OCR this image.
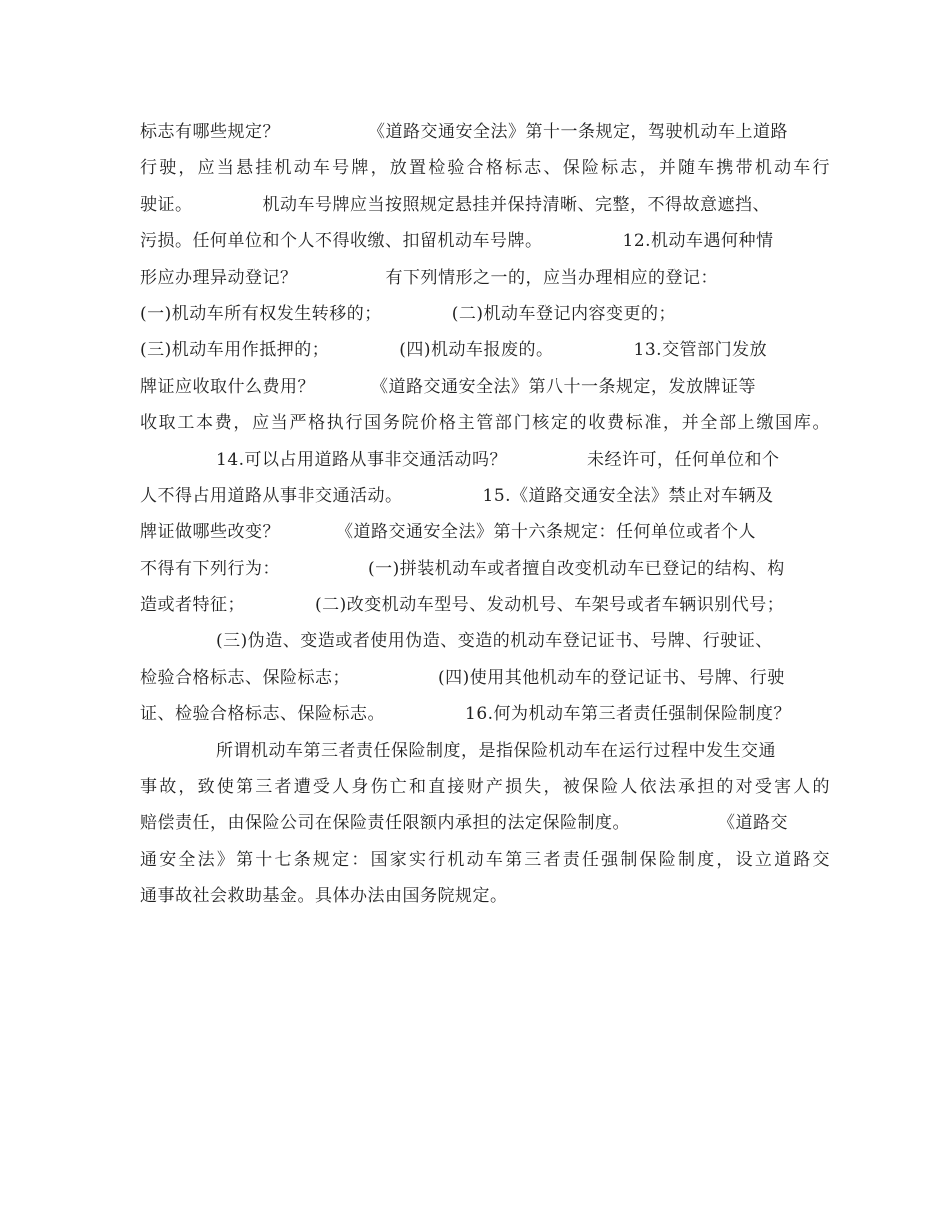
标志有哪些规定？	《道路交通安全法》第十一条规定，驾驶机动车上道路
行驶，应当悬挂机动车号牌，放置检验合格标志、保险标志，并随车携带机动车行
驶证。	机动车号牌应当按照规定悬挂并保持清晰、完整，不得故意遮挡、
污损。任何单位和个人不得收缴、扣留机动车号牌。	12.机动车遇何种情
形应办理异动登记？	有下列情形之一的，应当办理相应的登记：
(一)机动车所有权发生转移的；	(二)机动车登记内容变更的；
(三)机动车用作抵押的；	(四)机动车报废的。	13.交管部门发放
牌证应收取什么费用？	《道路交通安全法》第八十一条规定，发放牌证等
收取工本费，应当严格执行国务院价格主管部门核定的收费标准，并全部上缴国库。
14.可以占用道路从事非交通活动吗？	未经许可，任何单位和个
人不得占用道路从事非交通活动。	15.《道路交通安全法》禁止对车辆及
牌证做哪些改变？	《道路交通安全法》第十六条规定：任何单位或者个人
不得有下列行为：	(一)拼装机动车或者擅自改变机动车已登记的结构、构
造或者特征；	(二)改变机动车型号、发动机号、车架号或者车辆识别代号；
(三)伪造、变造或者使用伪造、变造的机动车登记证书、号牌、行驶证、
检验合格标志、保险标志；	(四)使用其他机动车的登记证书、号牌、行驶
证、检验合格标志、保险标志。	16.何为机动车第三者责任强制保险制度？
所谓机动车第三者责任保险制度，是指保险机动车在运行过程中发生交通
事故，致使第三者遭受人身伤亡和直接财产损失，被保险人依法承担的对受害人的
赔偿责任，由保险公司在保险责任限额内承担的法定保险制度。	《道路交
通安全法》第十七条规定：国家实行机动车第三者责任强制保险制度，设立道路交
通事故社会救助基金。具体办法由国务院规定。
